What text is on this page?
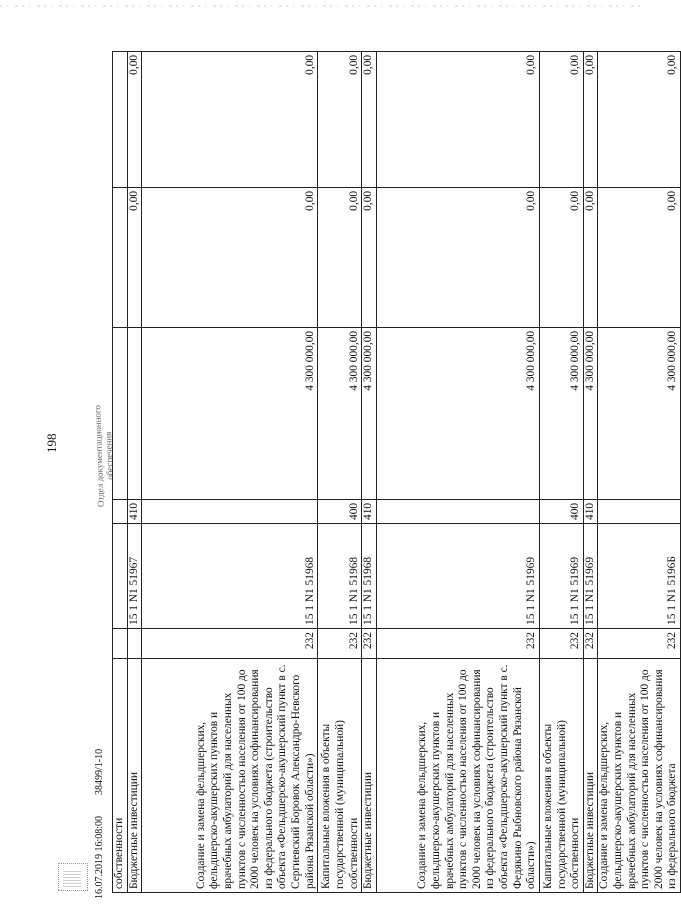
16.07.2019 16:08:00
38499/1-10
198	Отдел документационного
обеспечения
собственности						
Бюджетные инвестиции		15 1 N1 51967	410		0,00	0,00
Создание и замена фельдшерских, фельдшерско-акушерских пунктов и врачебных амбулаторий для населенных пунктов с численностью населения от 100 до 2000 человек на условиях софинансирования из федерального бюджета (строительство объекта «Фельдшерско-акушерский пункт в с. Сергиевский Боровок Александро-Невского района Рязанской области»)	232	15 1 N1 51968		4 300 000,00	0,00	0,00
Капитальные вложения в объекты государственной (муниципальной) собственности	232	15 1 N1 51968	400	4 300 000,00	0,00	0,00
Бюджетные инвестиции	232	15 1 N1 51968	410	4 300 000,00	0,00	0,00
Создание и замена фельдшерских, фельдшерско-акушерских пунктов и врачебных амбулаторий для населенных пунктов с численностью населения от 100 до 2000 человек на условиях софинансирования из федерального бюджета (строительство объекта «Фельдшерско-акушерский пункт в с. Федякино Рыбновского района Рязанской области»)	232	15 1 N1 51969		4 300 000,00	0,00	0,00
Капитальные вложения в объекты государственной (муниципальной) собственности	232	15 1 N1 51969	400	4 300 000,00	0,00	0,00
Бюджетные инвестиции	232	15 1 N1 51969	410	4 300 000,00	0,00	0,00
Создание и замена фельдшерских, фельдшерско-акушерских пунктов и врачебных амбулаторий для населенных пунктов с численностью населения от 100 до 2000 человек на условиях софинансирования из федерального бюджета	232	15 1 N1 5196Б		4 300 000,00	0,00	0,00
